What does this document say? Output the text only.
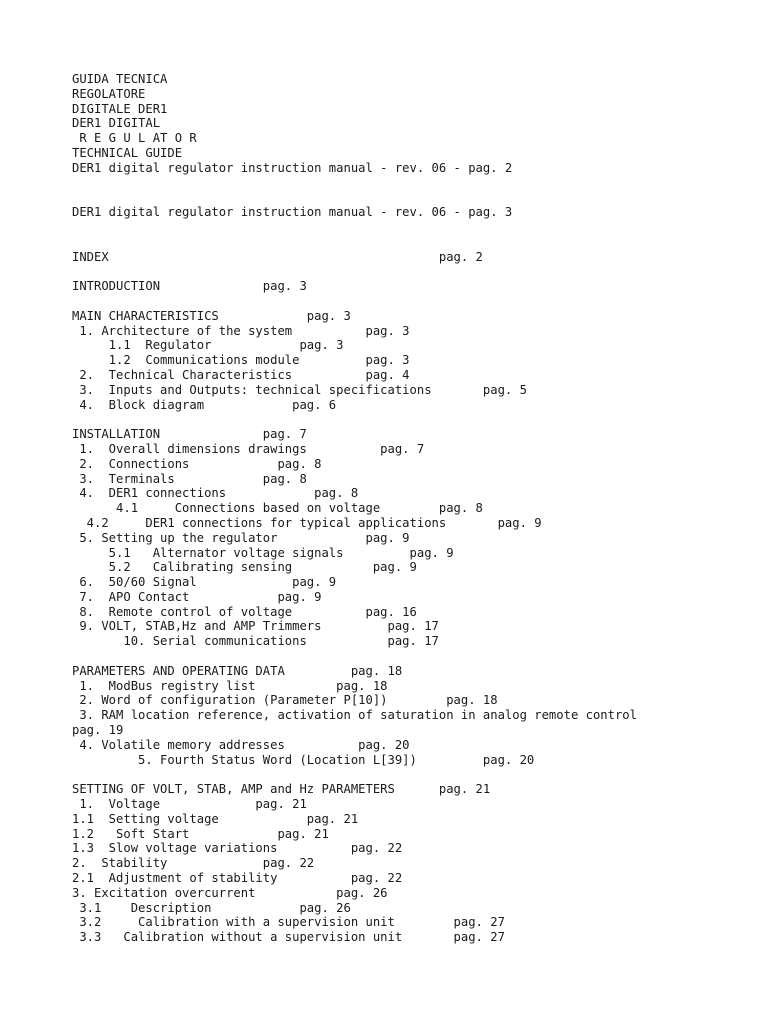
GUIDA TECNICA
REGOLATORE
DIGITALE DER1
DER1 DIGITAL
R E G U L AT O R
TECHNICAL GUIDE
DER1 digital regulator instruction manual - rev. 06 - pag. 2
DER1 digital regulator instruction manual - rev. 06 - pag. 3
INDEX                                             pag. 2
INTRODUCTION              pag. 3
MAIN CHARACTERISTICS            pag. 3
1. Architecture of the system          pag. 3
1.1  Regulator            pag. 3
1.2  Communications module         pag. 3
2.  Technical Characteristics          pag. 4
3.  Inputs and Outputs: technical specifications       pag. 5
4.  Block diagram            pag. 6
INSTALLATION              pag. 7
1.  Overall dimensions drawings          pag. 7
2.  Connections            pag. 8
3.  Terminals            pag. 8
4.  DER1 connections            pag. 8
4.1     Connections based on voltage        pag. 8
4.2     DER1 connections for typical applications       pag. 9
5. Setting up the regulator            pag. 9
5.1   Alternator voltage signals         pag. 9
5.2   Calibrating sensing           pag. 9
6.  50/60 Signal             pag. 9
7.  APO Contact            pag. 9
8.  Remote control of voltage          pag. 16
9. VOLT, STAB,Hz and AMP Trimmers         pag. 17
10. Serial communications           pag. 17
PARAMETERS AND OPERATING DATA         pag. 18
1.  ModBus registry list           pag. 18
2. Word of configuration (Parameter P[10])        pag. 18
3. RAM location reference, activation of saturation in analog remote control
pag. 19
4. Volatile memory addresses          pag. 20
5. Fourth Status Word (Location L[39])         pag. 20
SETTING OF VOLT, STAB, AMP and Hz PARAMETERS      pag. 21
1.  Voltage             pag. 21
1.1  Setting voltage            pag. 21
1.2   Soft Start            pag. 21
1.3  Slow voltage variations          pag. 22
2.  Stability             pag. 22
2.1  Adjustment of stability          pag. 22
3. Excitation overcurrent           pag. 26
3.1    Description            pag. 26
3.2     Calibration with a supervision unit        pag. 27
3.3   Calibration without a supervision unit       pag. 27
